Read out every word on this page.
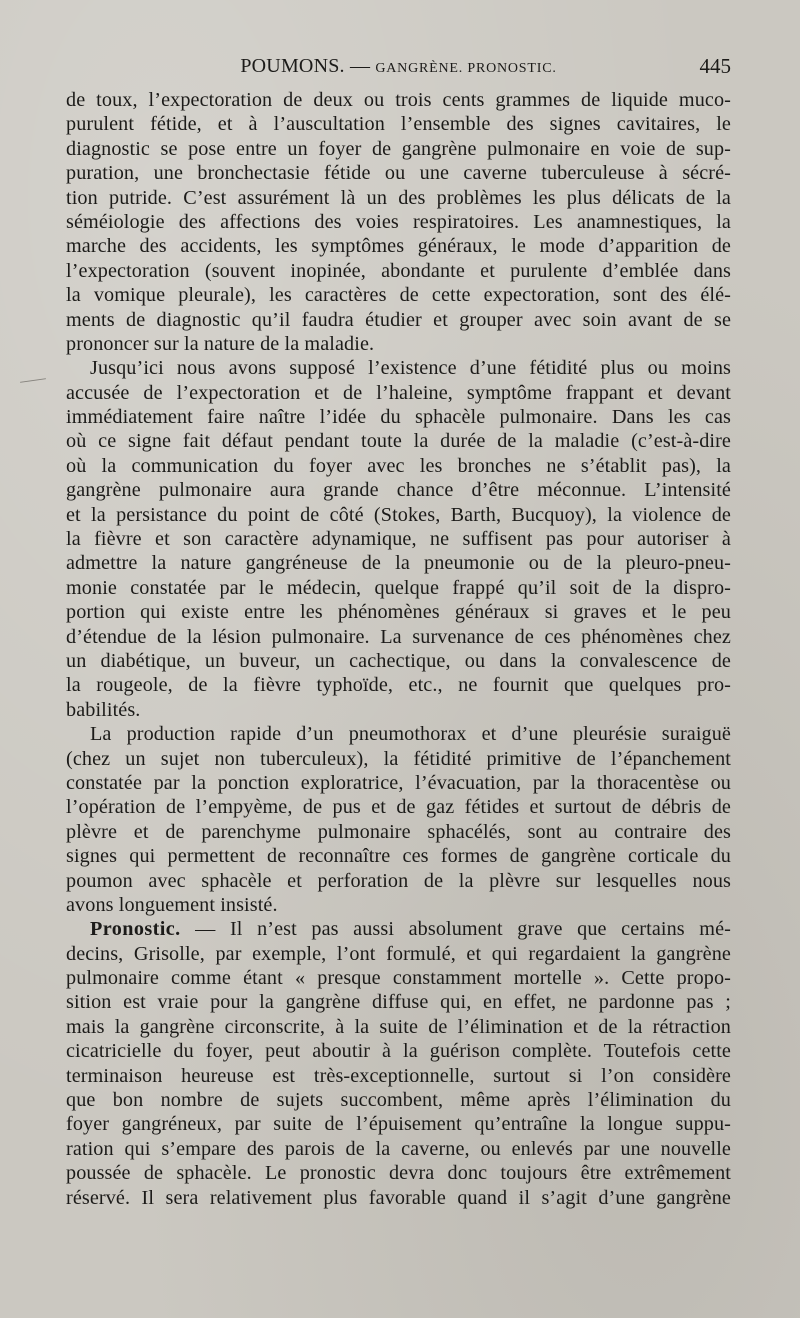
POUMONS. — GANGRÈNE. PRONOSTIC.	445
de toux, l’expectoration de deux ou trois cents grammes de liquide muco-
purulent fétide, et à l’auscultation l’ensemble des signes cavitaires, le
diagnostic se pose entre un foyer de gangrène pulmonaire en voie de sup-
puration, une bronchectasie fétide ou une caverne tuberculeuse à sécré-
tion putride. C’est assurément là un des problèmes les plus délicats de la
séméiologie des affections des voies respiratoires. Les anamnestiques, la
marche des accidents, les symptômes généraux, le mode d’apparition de
l’expectoration (souvent inopinée, abondante et purulente d’emblée dans
la vomique pleurale), les caractères de cette expectoration, sont des élé-
ments de diagnostic qu’il faudra étudier et grouper avec soin avant de se
prononcer sur la nature de la maladie.
Jusqu’ici nous avons supposé l’existence d’une fétidité plus ou moins
accusée de l’expectoration et de l’haleine, symptôme frappant et devant
immédiatement faire naître l’idée du sphacèle pulmonaire. Dans les cas
où ce signe fait défaut pendant toute la durée de la maladie (c’est-à-dire
où la communication du foyer avec les bronches ne s’établit pas), la
gangrène pulmonaire aura grande chance d’être méconnue. L’intensité
et la persistance du point de côté (Stokes, Barth, Bucquoy), la violence de
la fièvre et son caractère adynamique, ne suffisent pas pour autoriser à
admettre la nature gangréneuse de la pneumonie ou de la pleuro-pneu-
monie constatée par le médecin, quelque frappé qu’il soit de la dispro-
portion qui existe entre les phénomènes généraux si graves et le peu
d’étendue de la lésion pulmonaire. La survenance de ces phénomènes chez
un diabétique, un buveur, un cachectique, ou dans la convalescence de
la rougeole, de la fièvre typhoïde, etc., ne fournit que quelques pro-
babilités.
La production rapide d’un pneumothorax et d’une pleurésie suraiguë
(chez un sujet non tuberculeux), la fétidité primitive de l’épanchement
constatée par la ponction exploratrice, l’évacuation, par la thoracentèse ou
l’opération de l’empyème, de pus et de gaz fétides et surtout de débris de
plèvre et de parenchyme pulmonaire sphacélés, sont au contraire des
signes qui permettent de reconnaître ces formes de gangrène corticale du
poumon avec sphacèle et perforation de la plèvre sur lesquelles nous
avons longuement insisté.
Pronostic. — Il n’est pas aussi absolument grave que certains mé-
decins, Grisolle, par exemple, l’ont formulé, et qui regardaient la gangrène
pulmonaire comme étant « presque constamment mortelle ». Cette propo-
sition est vraie pour la gangrène diffuse qui, en effet, ne pardonne pas ;
mais la gangrène circonscrite, à la suite de l’élimination et de la rétraction
cicatricielle du foyer, peut aboutir à la guérison complète. Toutefois cette
terminaison heureuse est très-exceptionnelle, surtout si l’on considère
que bon nombre de sujets succombent, même après l’élimination du
foyer gangréneux, par suite de l’épuisement qu’entraîne la longue suppu-
ration qui s’empare des parois de la caverne, ou enlevés par une nouvelle
poussée de sphacèle. Le pronostic devra donc toujours être extrêmement
réservé. Il sera relativement plus favorable quand il s’agit d’une gangrène
